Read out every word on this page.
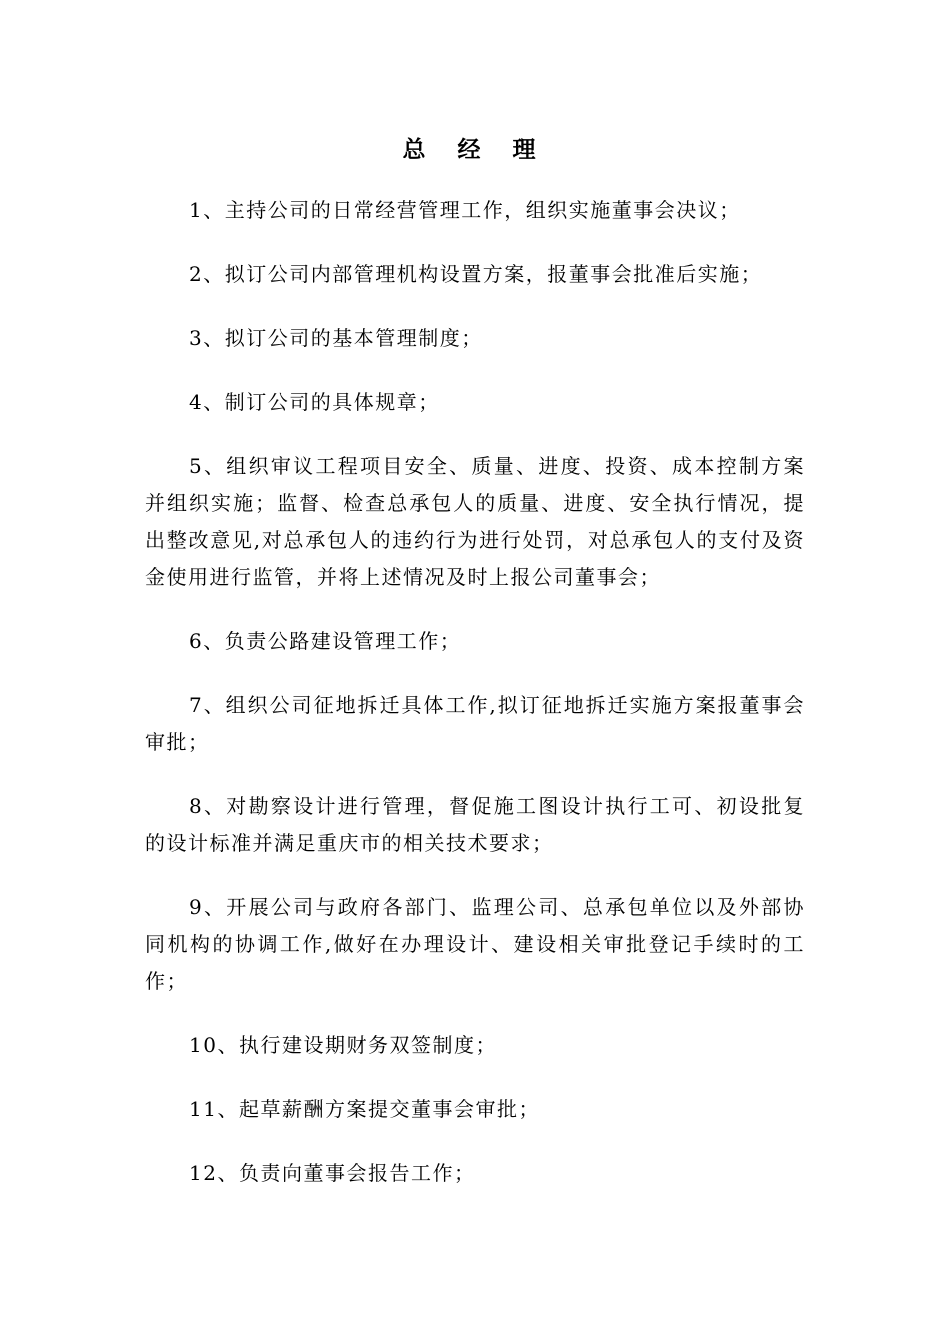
总 经 理

1、主持公司的日常经营管理工作，组织实施董事会决议；

2、拟订公司内部管理机构设置方案，报董事会批准后实施；

3、拟订公司的基本管理制度；

4、制订公司的具体规章；

5、组织审议工程项目安全、质量、进度、投资、成本控制方案并组织实施；监督、检查总承包人的质量、进度、安全执行情况，提出整改意见,对总承包人的违约行为进行处罚，对总承包人的支付及资金使用进行监管，并将上述情况及时上报公司董事会；

6、负责公路建设管理工作；

7、组织公司征地拆迁具体工作,拟订征地拆迁实施方案报董事会审批；

8、对勘察设计进行管理，督促施工图设计执行工可、初设批复的设计标准并满足重庆市的相关技术要求；

9、开展公司与政府各部门、监理公司、总承包单位以及外部协同机构的协调工作,做好在办理设计、建设相关审批登记手续时的工作；

10、执行建设期财务双签制度；

11、起草薪酬方案提交董事会审批；

12、负责向董事会报告工作；
